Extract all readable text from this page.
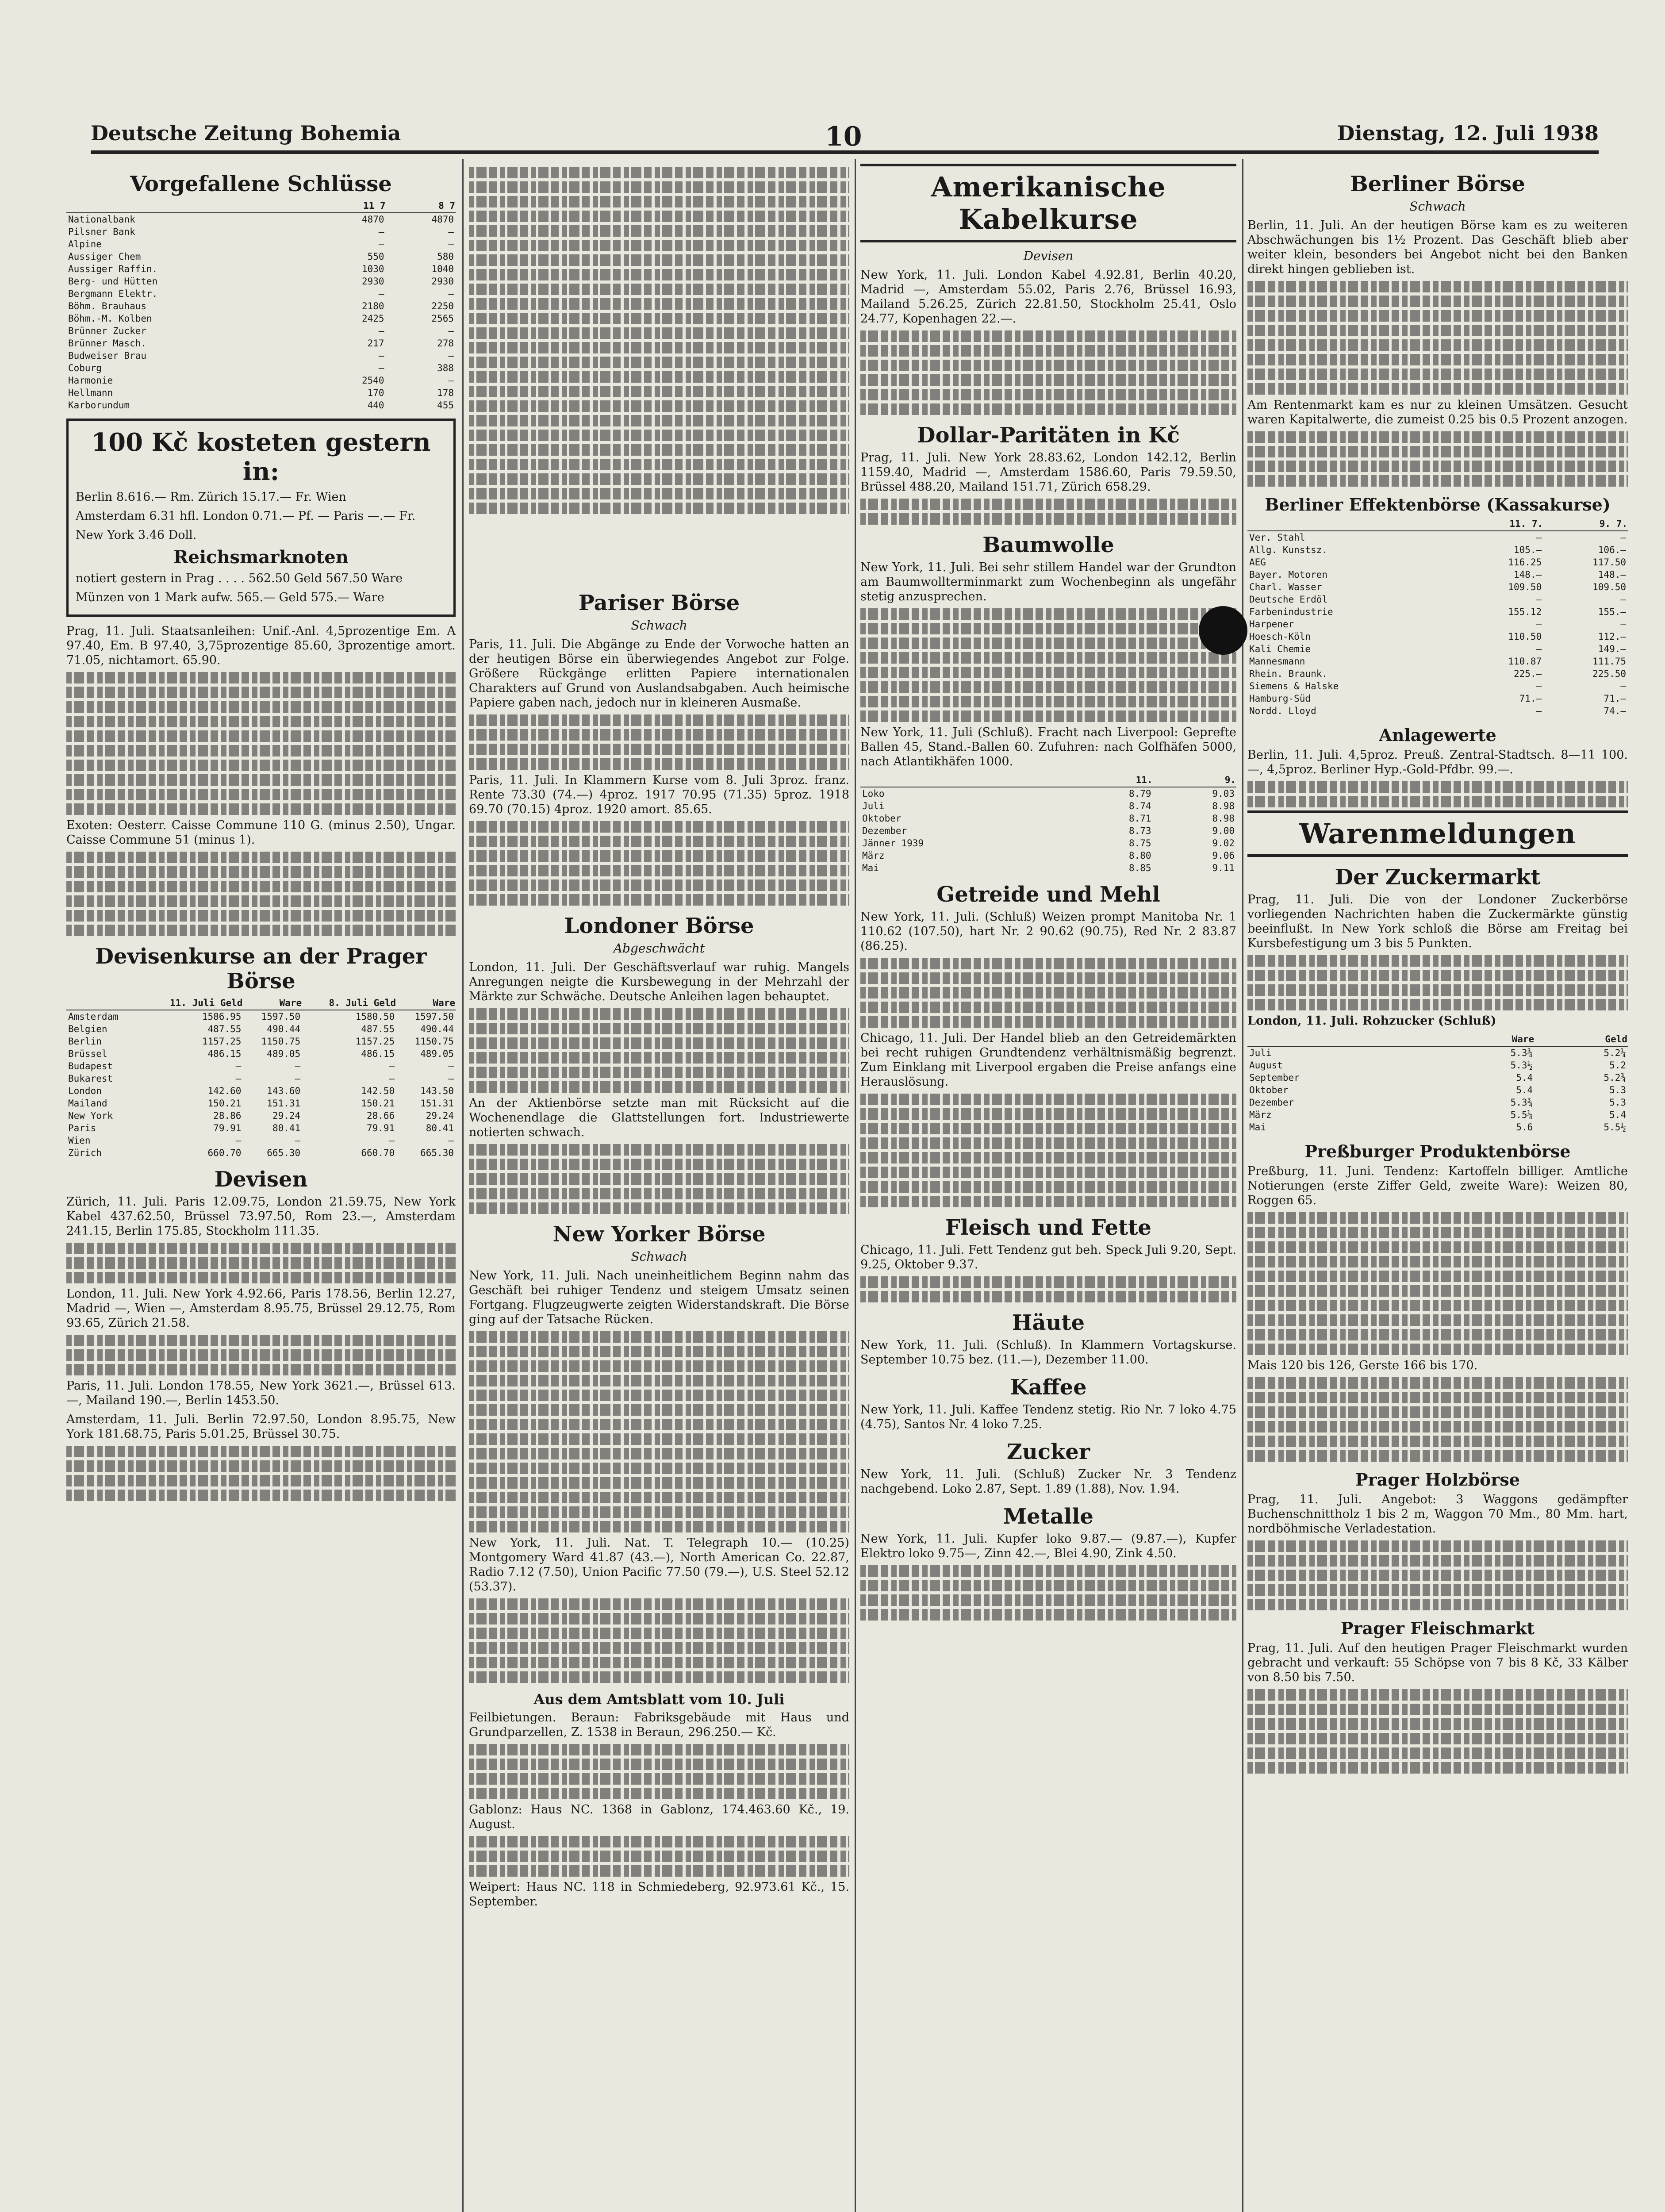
Deutsche Zeitung Bohemia	10	Dienstag, 12. Juli 1938
Vorgefallene Schlüsse
	11 7	8 7
Nationalbank	4870	4870
Pilsner Bank	—	—
Alpine	—	—
Aussiger Chem	550	580
Aussiger Raffin.	1030	1040
Berg- und Hütten	2930	2930
Bergmann Elektr.	—	—
Böhm. Brauhaus	2180	2250
Böhm.-M. Kolben	2425	2565
Brünner Zucker	—	—
Brünner Masch.	217	278
Budweiser Brau	—	—
Coburg	—	388
Harmonie	2540	—
Hellmann	170	178
Karborundum	440	455
100 Kč kosteten gestern in:

Berlin 8.616.— Rm. Zürich 15.17.— Fr. Wien

Amsterdam 6.31 hfl. London 0.71.— Pf. — Paris —.— Fr.

New York 3.46 Doll.

Reichsmarknoten

notiert gestern in Prag . . . . 562.50 Geld 567.50 Ware

Münzen von 1 Mark aufw. 565.— Geld 575.— Ware

Prag, 11. Juli. Staatsanleihen: Unif.-Anl. 4,5prozentige Em. A 97.40, Em. B 97.40, 3,75prozentige 85.60, 3prozentige amort. 71.05, nichtamort. 65.90.

Exoten: Oesterr. Caisse Commune 110 G. (minus 2.50), Ungar. Caisse Commune 51 (minus 1).

Devisenkurse an der Prager Börse
	11. Juli Geld	Ware	8. Juli Geld	Ware
Amsterdam	1586.95	1597.50	1580.50	1597.50
Belgien	487.55	490.44	487.55	490.44
Berlin	1157.25	1150.75	1157.25	1150.75
Brüssel	486.15	489.05	486.15	489.05
Budapest	—	—	—	—
Bukarest	—	—	—	—
London	142.60	143.60	142.50	143.50
Mailand	150.21	151.31	150.21	151.31
New York	28.86	29.24	28.66	29.24
Paris	79.91	80.41	79.91	80.41
Wien	—	—	—	—
Zürich	660.70	665.30	660.70	665.30
Devisen

Zürich, 11. Juli. Paris 12.09.75, London 21.59.75, New York Kabel 437.62.50, Brüssel 73.97.50, Rom 23.—, Amsterdam 241.15, Berlin 175.85, Stockholm 111.35.

London, 11. Juli. New York 4.92.66, Paris 178.56, Berlin 12.27, Madrid —, Wien —, Amsterdam 8.95.75, Brüssel 29.12.75, Rom 93.65, Zürich 21.58.

Paris, 11. Juli. London 178.55, New York 3621.—, Brüssel 613.—, Mailand 190.—, Berlin 1453.50.

Amsterdam, 11. Juli. Berlin 72.97.50, London 8.95.75, New York 181.68.75, Paris 5.01.25, Brüssel 30.75.

Pariser Börse
Schwach

Paris, 11. Juli. Die Abgänge zu Ende der Vorwoche hatten an der heutigen Börse ein überwiegendes Angebot zur Folge. Größere Rückgänge erlitten Papiere internationalen Charakters auf Grund von Auslandsabgaben. Auch heimische Papiere gaben nach, jedoch nur in kleineren Ausmaße.

Paris, 11. Juli. In Klammern Kurse vom 8. Juli 3proz. franz. Rente 73.30 (74.—) 4proz. 1917 70.95 (71.35) 5proz. 1918 69.70 (70.15) 4proz. 1920 amort. 85.65.

Londoner Börse
Abgeschwächt

London, 11. Juli. Der Geschäftsverlauf war ruhig. Mangels Anregungen neigte die Kursbewegung in der Mehrzahl der Märkte zur Schwäche. Deutsche Anleihen lagen behauptet.

An der Aktienbörse setzte man mit Rücksicht auf die Wochenendlage die Glattstellungen fort. Industriewerte notierten schwach.

New Yorker Börse
Schwach

New York, 11. Juli. Nach uneinheitlichem Beginn nahm das Geschäft bei ruhiger Tendenz und steigem Umsatz seinen Fortgang. Flugzeugwerte zeigten Widerstandskraft. Die Börse ging auf der Tatsache Rücken.

New York, 11. Juli. Nat. T. Telegraph 10.— (10.25) Montgomery Ward 41.87 (43.—), North American Co. 22.87, Radio 7.12 (7.50), Union Pacific 77.50 (79.—), U.S. Steel 52.12 (53.37).

Aus dem Amtsblatt vom 10. Juli

Feilbietungen. Beraun: Fabriksgebäude mit Haus und Grundparzellen, Z. 1538 in Beraun, 296.250.— Kč.

Gablonz: Haus NC. 1368 in Gablonz, 174.463.60 Kč., 19. August.

Weipert: Haus NC. 118 in Schmiedeberg, 92.973.61 Kč., 15. September.

Amerikanische Kabelkurse
Devisen

New York, 11. Juli. London Kabel 4.92.81, Berlin 40.20, Madrid —, Amsterdam 55.02, Paris 2.76, Brüssel 16.93, Mailand 5.26.25, Zürich 22.81.50, Stockholm 25.41, Oslo 24.77, Kopenhagen 22.—.

Dollar-Paritäten in Kč

Prag, 11. Juli. New York 28.83.62, London 142.12, Berlin 1159.40, Madrid —, Amsterdam 1586.60, Paris 79.59.50, Brüssel 488.20, Mailand 151.71, Zürich 658.29.

Baumwolle

New York, 11. Juli. Bei sehr stillem Handel war der Grundton am Baumwollterminmarkt zum Wochenbeginn als ungefähr stetig anzusprechen.

New York, 11. Juli (Schluß). Fracht nach Liverpool: Geprefte Ballen 45, Stand.-Ballen 60. Zufuhren: nach Golfhäfen 5000, nach Atlantikhäfen 1000.

	11.	9.
Loko	8.79	9.03
Juli	8.74	8.98
Oktober	8.71	8.98
Dezember	8.73	9.00
Jänner 1939	8.75	9.02
März	8.80	9.06
Mai	8.85	9.11
Getreide und Mehl

New York, 11. Juli. (Schluß) Weizen prompt Manitoba Nr. 1 110.62 (107.50), hart Nr. 2 90.62 (90.75), Red Nr. 2 83.87 (86.25).

Chicago, 11. Juli. Der Handel blieb an den Getreidemärkten bei recht ruhigen Grundtendenz verhältnismäßig begrenzt. Zum Einklang mit Liverpool ergaben die Preise anfangs eine Herauslösung.

Fleisch und Fette

Chicago, 11. Juli. Fett Tendenz gut beh. Speck Juli 9.20, Sept. 9.25, Oktober 9.37.

Häute

New York, 11. Juli. (Schluß). In Klammern Vortagskurse. September 10.75 bez. (11.—), Dezember 11.00.

Kaffee

New York, 11. Juli. Kaffee Tendenz stetig. Rio Nr. 7 loko 4.75 (4.75), Santos Nr. 4 loko 7.25.

Zucker

New York, 11. Juli. (Schluß) Zucker Nr. 3 Tendenz nachgebend. Loko 2.87, Sept. 1.89 (1.88), Nov. 1.94.

Metalle

New York, 11. Juli. Kupfer loko 9.87.— (9.87.—), Kupfer Elektro loko 9.75—, Zinn 42.—, Blei 4.90, Zink 4.50.

Berliner Börse
Schwach

Berlin, 11. Juli. An der heutigen Börse kam es zu weiteren Abschwächungen bis 1½ Prozent. Das Geschäft blieb aber weiter klein, besonders bei Angebot nicht bei den Banken direkt hingen geblieben ist.

Am Rentenmarkt kam es nur zu kleinen Umsätzen. Gesucht waren Kapitalwerte, die zumeist 0.25 bis 0.5 Prozent anzogen.

Berliner Effektenbörse (Kassakurse)
	11. 7.	9. 7.
Ver. Stahl	—	—
Allg. Kunstsz.	105.—	106.—
AEG	116.25	117.50
Bayer. Motoren	148.—	148.—
Charl. Wasser	109.50	109.50
Deutsche Erdöl	—	—
Farbenindustrie	155.12	155.—
Harpener	—	—
Hoesch-Köln	110.50	112.—
Kali Chemie	—	149.—
Mannesmann	110.87	111.75
Rhein. Braunk.	225.—	225.50
Siemens & Halske	—	—
Hamburg-Süd	71.—	71.—
Nordd. Lloyd	—	74.—
Anlagewerte

Berlin, 11. Juli. 4,5proz. Preuß. Zentral-Stadtsch. 8—11 100.—, 4,5proz. Berliner Hyp.-Gold-Pfdbr. 99.—.

Warenmeldungen
Der Zuckermarkt

Prag, 11. Juli. Die von der Londoner Zuckerbörse vorliegenden Nachrichten haben die Zuckermärkte günstig beeinflußt. In New York schloß die Börse am Freitag bei Kursbefestigung um 3 bis 5 Punkten.

London, 11. Juli. Rohzucker (Schluß)

	Ware	Geld
Juli	5.3¾	5.2¼
August	5.3½	5.2
September	5.4	5.2¾
Oktober	5.4	5.3
Dezember	5.3¾	5.3
März	5.5¼	5.4
Mai	5.6	5.5½
Preßburger Produktenbörse

Preßburg, 11. Juni. Tendenz: Kartoffeln billiger. Amtliche Notierungen (erste Ziffer Geld, zweite Ware): Weizen 80, Roggen 65.

Mais 120 bis 126, Gerste 166 bis 170.

Prager Holzbörse

Prag, 11. Juli. Angebot: 3 Waggons gedämpfter Buchenschnittholz 1 bis 2 m, Waggon 70 Mm., 80 Mm. hart, nordböhmische Verladestation.

Prager Fleischmarkt

Prag, 11. Juli. Auf den heutigen Prager Fleischmarkt wurden gebracht und verkauft: 55 Schöpse von 7 bis 8 Kč, 33 Kälber von 8.50 bis 7.50.
